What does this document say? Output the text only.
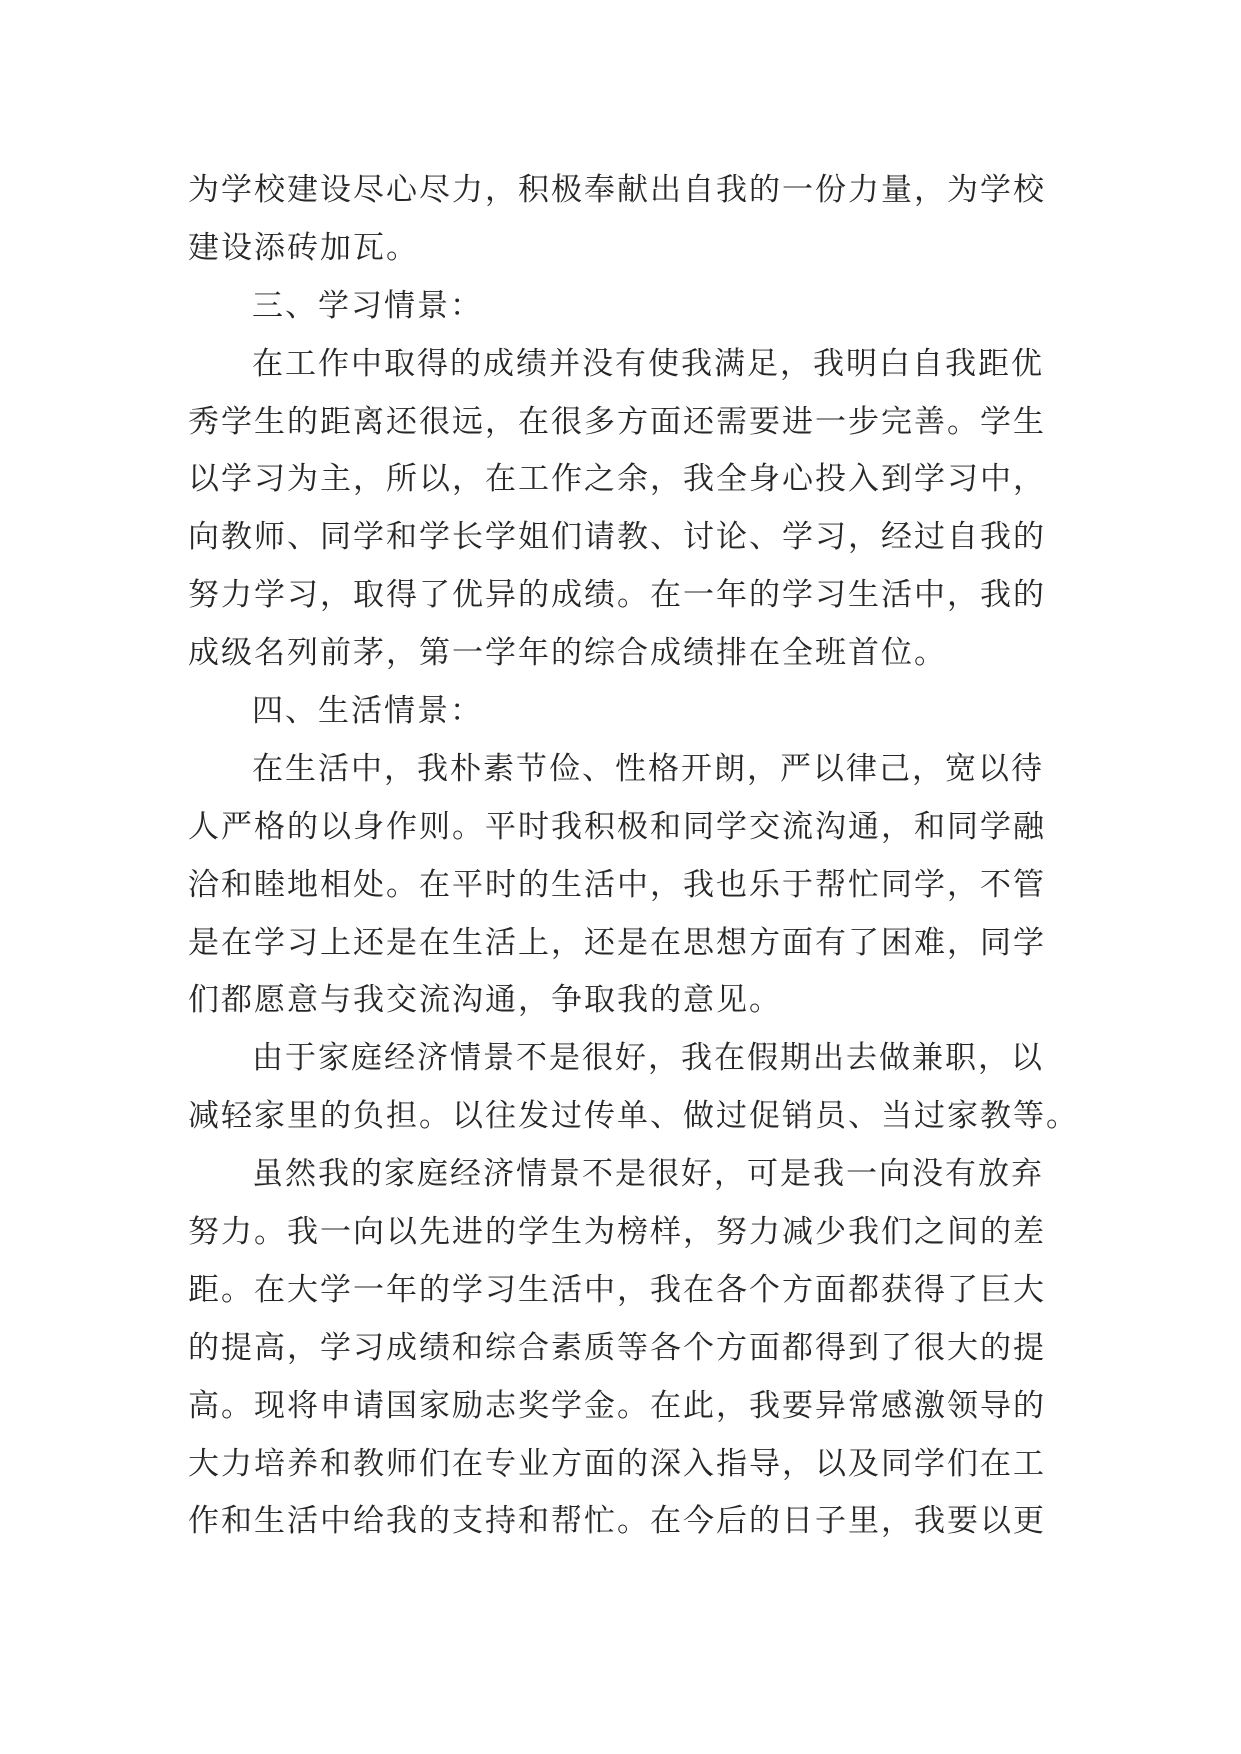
为学校建设尽心尽力，积极奉献出自我的一份力量，为学校
建设添砖加瓦。
三、学习情景：
在工作中取得的成绩并没有使我满足，我明白自我距优
秀学生的距离还很远，在很多方面还需要进一步完善。学生
以学习为主，所以，在工作之余，我全身心投入到学习中，
向教师、同学和学长学姐们请教、讨论、学习，经过自我的
努力学习，取得了优异的成绩。在一年的学习生活中，我的
成级名列前茅，第一学年的综合成绩排在全班首位。
四、生活情景：
在生活中，我朴素节俭、性格开朗，严以律己，宽以待
人严格的以身作则。平时我积极和同学交流沟通，和同学融
洽和睦地相处。在平时的生活中，我也乐于帮忙同学，不管
是在学习上还是在生活上，还是在思想方面有了困难，同学
们都愿意与我交流沟通，争取我的意见。
由于家庭经济情景不是很好，我在假期出去做兼职，以
减轻家里的负担。以往发过传单、做过促销员、当过家教等。
虽然我的家庭经济情景不是很好，可是我一向没有放弃
努力。我一向以先进的学生为榜样，努力减少我们之间的差
距。在大学一年的学习生活中，我在各个方面都获得了巨大
的提高，学习成绩和综合素质等各个方面都得到了很大的提
高。现将申请国家励志奖学金。在此，我要异常感激领导的
大力培养和教师们在专业方面的深入指导，以及同学们在工
作和生活中给我的支持和帮忙。在今后的日子里，我要以更
